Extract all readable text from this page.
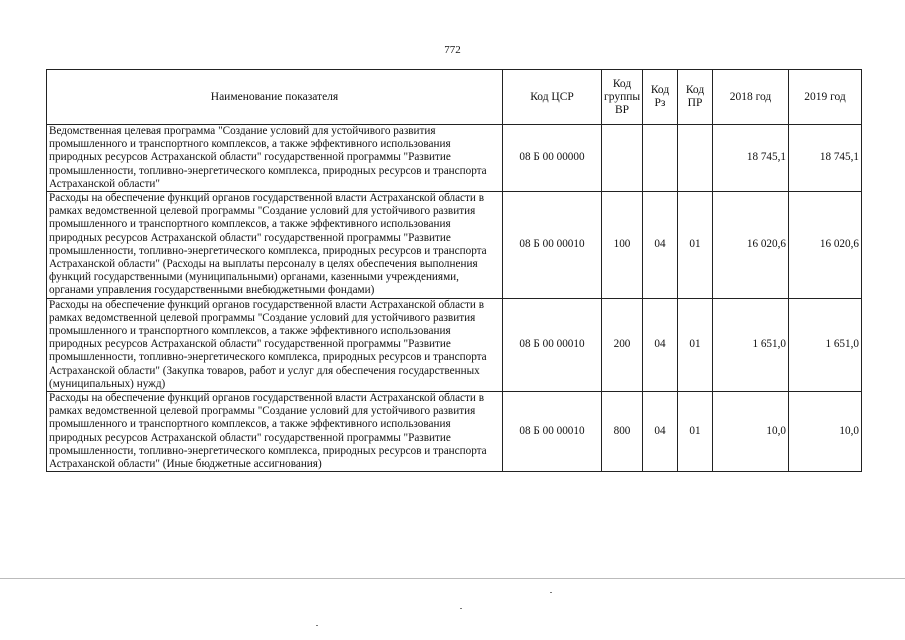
772
Наименование показателя	Код ЦСР	Код группы ВР	Код Рз	Код ПР	2018 год	2019 год
Ведомственная целевая программа "Создание условий для устойчивого развития промышленного и транспортного комплексов, а также эффективного использования природных ресурсов Астраханской области" государственной программы "Развитие промышленности, топливно-энергетического комплекса, природных ресурсов и транспорта Астраханской области"	08 Б 00 00000				18 745,1	18 745,1
Расходы на обеспечение функций органов государственной власти Астраханской области в рамках ведомственной целевой программы "Создание условий для устойчивого развития промышленного и транспортного комплексов, а также эффективного использования природных ресурсов Астраханской области" государственной программы "Развитие промышленности, топливно-энергетического комплекса, природных ресурсов и транспорта Астраханской области" (Расходы на выплаты персоналу в целях обеспечения выполнения функций государственными (муниципальными) органами, казенными учреждениями, органами управления государственными внебюджетными фондами)	08 Б 00 00010	100	04	01	16 020,6	16 020,6
Расходы на обеспечение функций органов государственной власти Астраханской области в рамках ведомственной целевой программы "Создание условий для устойчивого развития промышленного и транспортного комплексов, а также эффективного использования природных ресурсов Астраханской области" государственной программы "Развитие промышленности, топливно-энергетического комплекса, природных ресурсов и транспорта Астраханской области" (Закупка товаров, работ и услуг для обеспечения государственных (муниципальных) нужд)	08 Б 00 00010	200	04	01	1 651,0	1 651,0
Расходы на обеспечение функций органов государственной власти Астраханской области в рамках ведомственной целевой программы "Создание условий для устойчивого развития промышленного и транспортного комплексов, а также эффективного использования природных ресурсов Астраханской области" государственной программы "Развитие промышленности, топливно-энергетического комплекса, природных ресурсов и транспорта Астраханской области" (Иные бюджетные ассигнования)	08 Б 00 00010	800	04	01	10,0	10,0
